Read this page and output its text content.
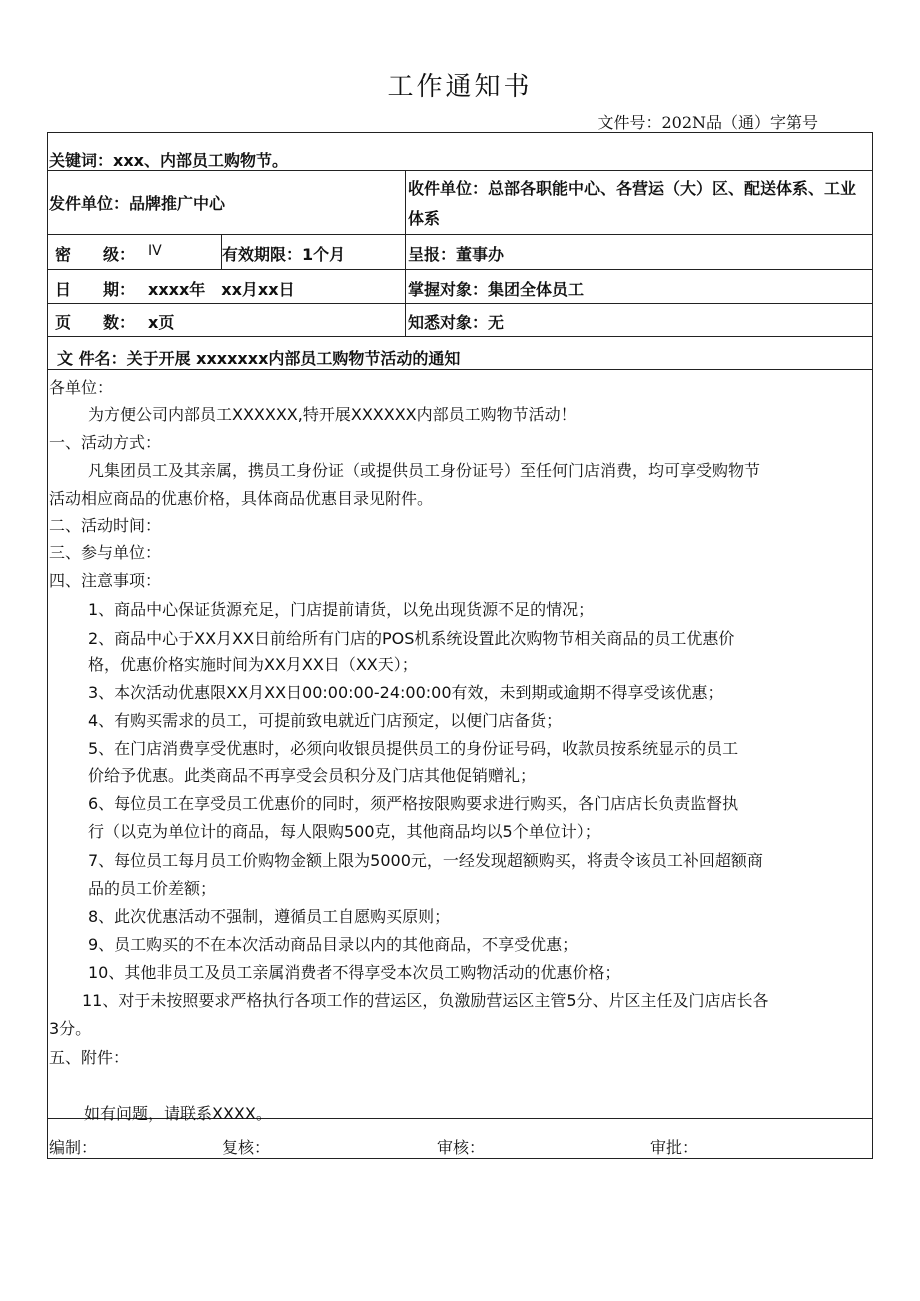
工作通知书
文件号：202N品（通）字第号
关键词：xxx、内部员工购物节。
发件单位：品牌推广中心
收件单位：总部各职能中心、各营运（大）区、配送体系、工业体系
密　　级： IV	有效期限：1个月	呈报：董事办
日　　期： xxxx年　xx月xx日	掌握对象：集团全体员工
页　　数： x页	知悉对象：无
文 件名：关于开展 xxxxxxx内部员工购物节活动的通知
各单位：
为方便公司内部员工XXXXXX,特开展XXXXXX内部员工购物节活动！
一、活动方式：
凡集团员工及其亲属，携员工身份证（或提供员工身份证号）至任何门店消费，均可享受购物节
活动相应商品的优惠价格，具体商品优惠目录见附件。
二、活动时间：
三、参与单位：
四、注意事项：
1、商品中心保证货源充足，门店提前请货，以免出现货源不足的情况；
2、商品中心于XX月XX日前给所有门店的POS机系统设置此次购物节相关商品的员工优惠价
格，优惠价格实施时间为XX月XX日（XX天）；
3、本次活动优惠限XX月XX日00:00:00-24:00:00有效，未到期或逾期不得享受该优惠；
4、有购买需求的员工，可提前致电就近门店预定，以便门店备货；
5、在门店消费享受优惠时，必须向收银员提供员工的身份证号码，收款员按系统显示的员工
价给予优惠。此类商品不再享受会员积分及门店其他促销赠礼；
6、每位员工在享受员工优惠价的同时，须严格按限购要求进行购买，各门店店长负责监督执
行（以克为单位计的商品，每人限购500克，其他商品均以5个单位计）；
7、每位员工每月员工价购物金额上限为5000元，一经发现超额购买，将责令该员工补回超额商
品的员工价差额；
8、此次优惠活动不强制，遵循员工自愿购买原则；
9、员工购买的不在本次活动商品目录以内的其他商品，不享受优惠；
10、其他非员工及员工亲属消费者不得享受本次员工购物活动的优惠价格；
11、对于未按照要求严格执行各项工作的营运区，负激励营运区主管5分、片区主任及门店店长各
3分。
五、附件：
如有问题，请联系XXXX。
编制：	复核：	审核：	审批：
